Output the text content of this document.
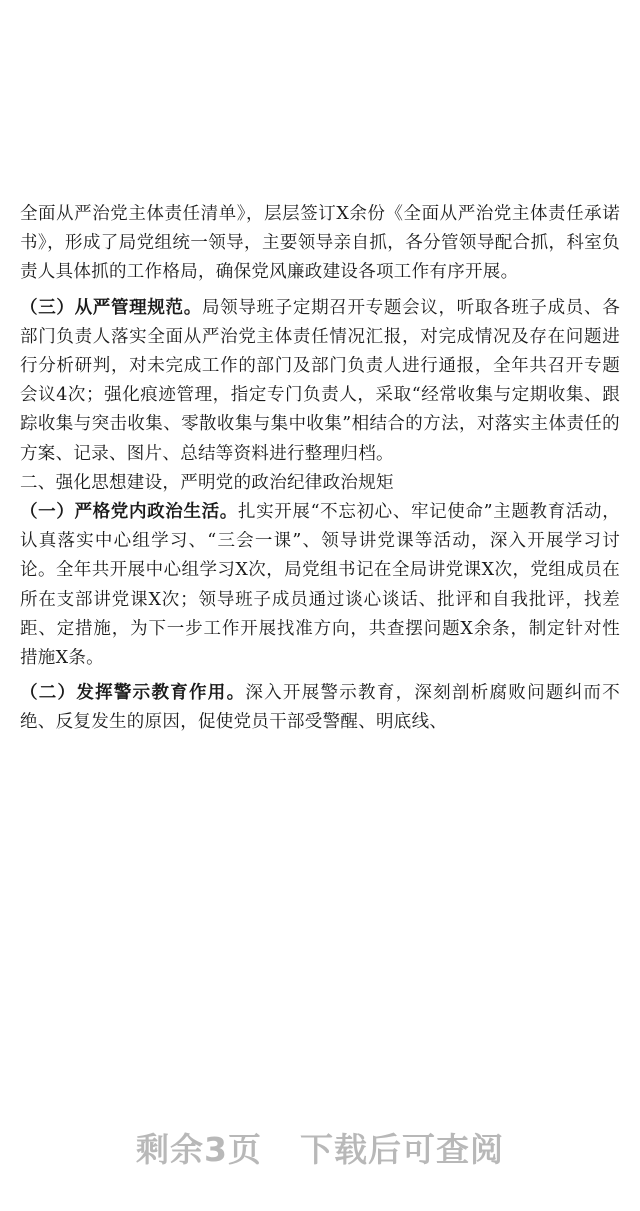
全面从严治党主体责任清单》，层层签订X余份《全面从严治党主体责任承诺书》，形成了局党组统一领导，主要领导亲自抓，各分管领导配合抓，科室负责人具体抓的工作格局，确保党风廉政建设各项工作有序开展。

（三）从严管理规范。局领导班子定期召开专题会议，听取各班子成员、各部门负责人落实全面从严治党主体责任情况汇报，对完成情况及存在问题进行分析研判，对未完成工作的部门及部门负责人进行通报，全年共召开专题会议4次；强化痕迹管理，指定专门负责人，采取“经常收集与定期收集、跟踪收集与突击收集、零散收集与集中收集”相结合的方法，对落实主体责任的方案、记录、图片、总结等资料进行整理归档。

二、强化思想建设，严明党的政治纪律政治规矩

（一）严格党内政治生活。扎实开展“不忘初心、牢记使命”主题教育活动，认真落实中心组学习、“三会一课”、领导讲党课等活动，深入开展学习讨论。全年共开展中心组学习X次，局党组书记在全局讲党课X次，党组成员在所在支部讲党课X次；领导班子成员通过谈心谈话、批评和自我批评，找差距、定措施，为下一步工作开展找准方向，共查摆问题X余条，制定针对性措施X条。

（二）发挥警示教育作用。深入开展警示教育，深刻剖析腐败问题纠而不绝、反复发生的原因，促使党员干部受警醒、明底线、

剩余3页 下载后可查阅
